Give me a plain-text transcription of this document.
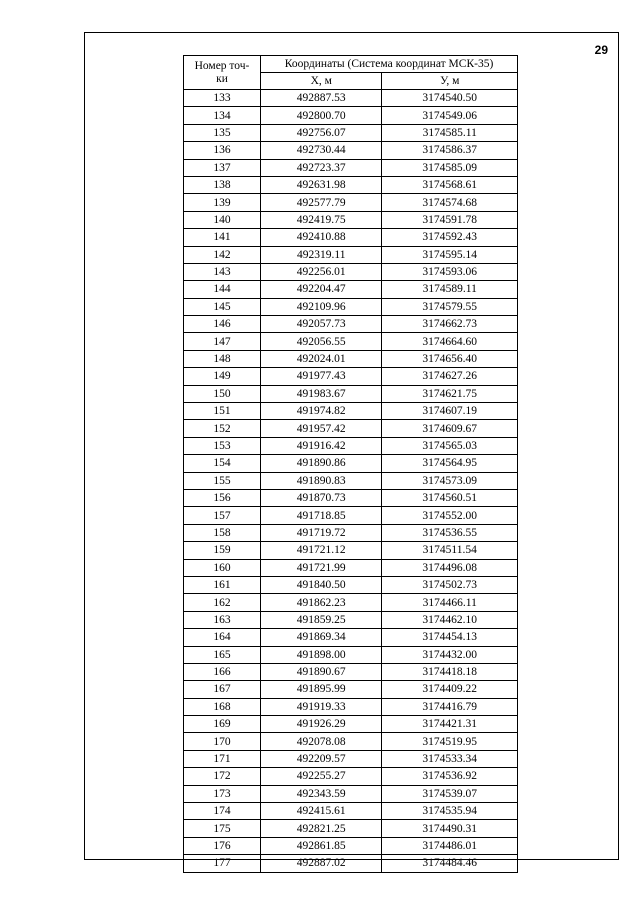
29
Номер точ-
ки	Координаты (Система координат МСК-35)	
	X, м	У, м
133	492887.53	3174540.50
134	492800.70	3174549.06
135	492756.07	3174585.11
136	492730.44	3174586.37
137	492723.37	3174585.09
138	492631.98	3174568.61
139	492577.79	3174574.68
140	492419.75	3174591.78
141	492410.88	3174592.43
142	492319.11	3174595.14
143	492256.01	3174593.06
144	492204.47	3174589.11
145	492109.96	3174579.55
146	492057.73	3174662.73
147	492056.55	3174664.60
148	492024.01	3174656.40
149	491977.43	3174627.26
150	491983.67	3174621.75
151	491974.82	3174607.19
152	491957.42	3174609.67
153	491916.42	3174565.03
154	491890.86	3174564.95
155	491890.83	3174573.09
156	491870.73	3174560.51
157	491718.85	3174552.00
158	491719.72	3174536.55
159	491721.12	3174511.54
160	491721.99	3174496.08
161	491840.50	3174502.73
162	491862.23	3174466.11
163	491859.25	3174462.10
164	491869.34	3174454.13
165	491898.00	3174432.00
166	491890.67	3174418.18
167	491895.99	3174409.22
168	491919.33	3174416.79
169	491926.29	3174421.31
170	492078.08	3174519.95
171	492209.57	3174533.34
172	492255.27	3174536.92
173	492343.59	3174539.07
174	492415.61	3174535.94
175	492821.25	3174490.31
176	492861.85	3174486.01
177	492887.02	3174484.46
